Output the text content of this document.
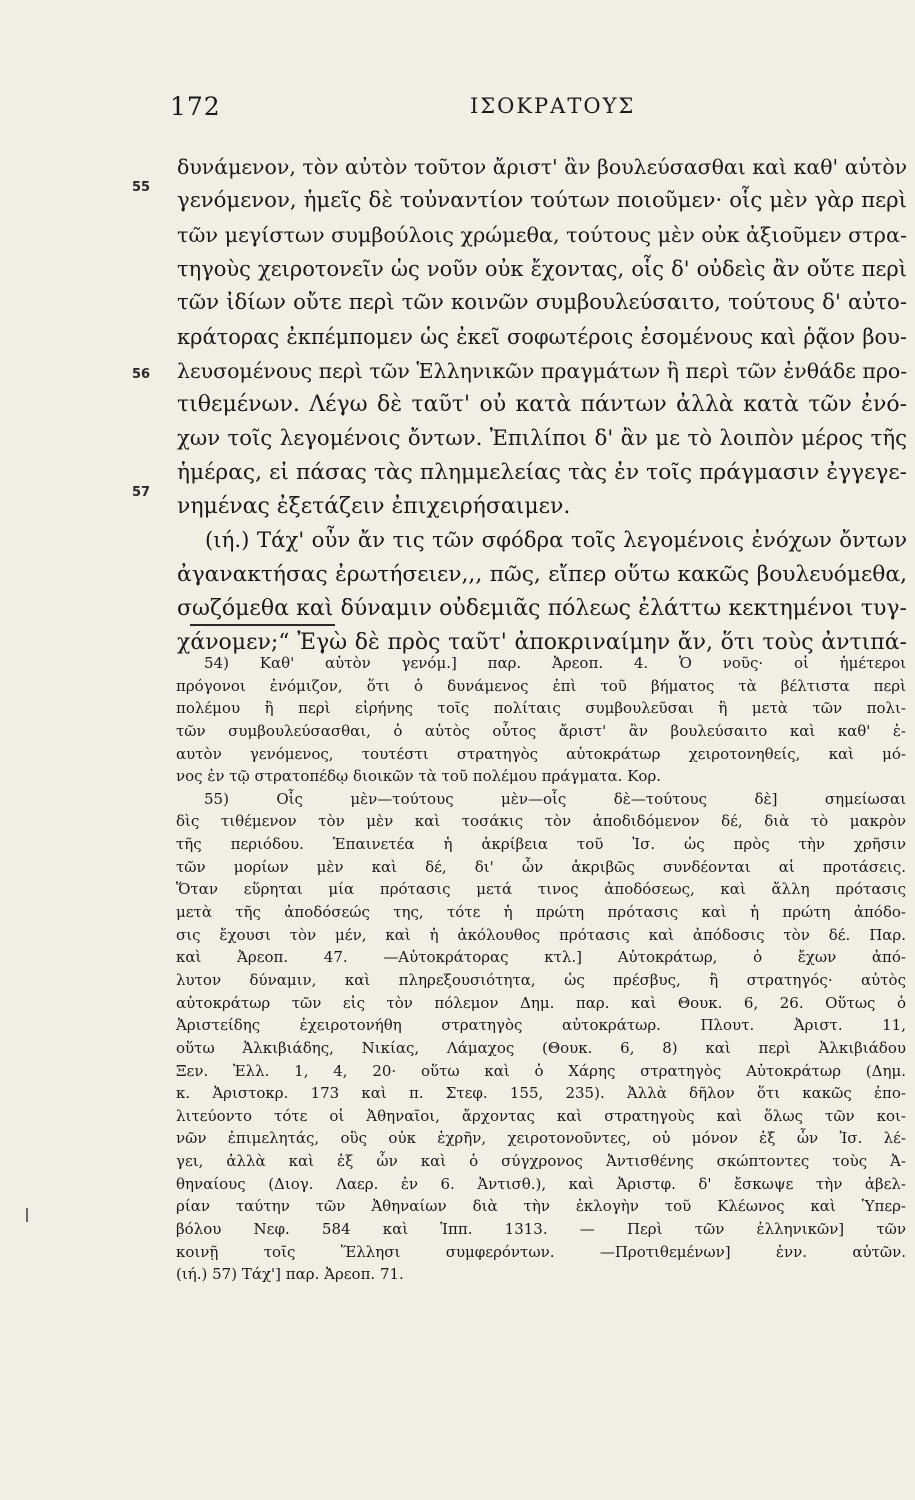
172	ΙΣΟΚΡΑΤΟΥΣ
55
56
57
δυνάμενον, τὸν αὐτὸν τοῦτον ἄριστ' ἂν βουλεύσασθαι καὶ καθ' αὑτὸν
γενόμενον, ἡμεῖς δὲ τοὐναντίον τούτων ποιοῦμεν· οἷς μὲν γὰρ περὶ
τῶν μεγίστων συμβούλοις χρώμεθα, τούτους μὲν οὐκ ἀξιοῦμεν στρα-
τηγοὺς χειροτονεῖν ὡς νοῦν οὐκ ἔχοντας, οἷς δ' οὐδεὶς ἂν οὔτε περὶ
τῶν ἰδίων οὔτε περὶ τῶν κοινῶν συμβουλεύσαιτο, τούτους δ' αὐτο-
κράτορας ἐκπέμπομεν ὡς ἐκεῖ σοφωτέροις ἐσομένους καὶ ῥᾷον βου-
λευσομένους περὶ τῶν Ἑλληνικῶν πραγμάτων ἢ περὶ τῶν ἐνθάδε προ-
τιθεμένων. Λέγω δὲ ταῦτ' οὐ κατὰ πάντων ἀλλὰ κατὰ τῶν ἐνό-
χων τοῖς λεγομένοις ὄντων. Ἐπιλίποι δ' ἂν με τὸ λοιπὸν μέρος τῆς
ἡμέρας, εἰ πάσας τὰς πλημμελείας τὰς ἐν τοῖς πράγμασιν ἐγγεγε-
νημένας ἐξετάζειν ἐπιχειρήσαιμεν.
(ιή.) Τάχ' οὖν ἄν τις τῶν σφόδρα τοῖς λεγομένοις ἐνόχων ὄντων
ἀγανακτήσας ἐρωτήσειεν,,, πῶς, εἴπερ οὕτω κακῶς βουλευόμεθα,
σωζόμεθα καὶ δύναμιν οὐδεμιᾶς πόλεως ἐλάττω κεκτημένοι τυγ-
χάνομεν;“ Ἐγὼ δὲ πρὸς ταῦτ' ἀποκριναίμην ἄν, ὅτι τοὺς ἀντιπά-
54) Καθ' αὑτὸν γενόμ.] παρ. Ἀρεοπ. 4. Ὁ νοῦς· οἱ ἡμέτεροι
πρόγονοι ἐνόμιζον, ὅτι ὁ δυνάμενος ἐπὶ τοῦ βήματος τὰ βέλτιστα περὶ
πολέμου ἢ περὶ εἰρήνης τοῖς πολίταις συμβουλεῦσαι ἢ μετὰ τῶν πολι-
τῶν συμβουλεύσασθαι, ὁ αὐτὸς οὗτος ἄριστ' ἂν βουλεύσαιτο καὶ καθ' ἑ-
αυτὸν γενόμενος, τουτέστι στρατηγὸς αὐτοκράτωρ χειροτονηθείς, καὶ μό-
νος ἐν τῷ στρατοπέδῳ διοικῶν τὰ τοῦ πολέμου πράγματα. Κορ.
55) Οἷς μὲν—τούτους μὲν—οἷς δὲ—τούτους δὲ] σημείωσαι
δὶς τιθέμενον τὸν μὲν καὶ τοσάκις τὸν ἀποδιδόμενον δέ, διὰ τὸ μακρὸν
τῆς περιόδου. Ἐπαινετέα ἡ ἀκρίβεια τοῦ Ἰσ. ὡς πρὸς τὴν χρῆσιν
τῶν μορίων μὲν καὶ δέ, δι' ὧν ἀκριβῶς συνδέονται αἱ προτάσεις.
Ὅταν εὕρηται μία πρότασις μετά τινος ἀποδόσεως, καὶ ἄλλη πρότασις
μετὰ τῆς ἀποδόσεώς της, τότε ἡ πρώτη πρότασις καὶ ἡ πρώτη ἀπόδο-
σις ἔχουσι τὸν μέν, καὶ ἡ ἀκόλουθος πρότασις καὶ ἀπόδοσις τὸν δέ. Παρ.
καὶ Ἀρεοπ. 47. —Αὐτοκράτορας κτλ.] Αὐτοκράτωρ, ὁ ἔχων ἀπό-
λυτον δύναμιν, καὶ πληρεξουσιότητα, ὡς πρέσβυς, ἢ στρατηγός· αὐτὸς
αὐτοκράτωρ τῶν εἰς τὸν πόλεμον Δημ. παρ. καὶ Θουκ. 6, 26. Οὕτως ὁ
Ἀριστείδης ἐχειροτονήθη στρατηγὸς αὐτοκράτωρ. Πλουτ. Ἀριστ. 11,
οὕτω Ἀλκιβιάδης, Νικίας, Λάμαχος (Θουκ. 6, 8) καὶ περὶ Ἀλκιβιάδου
Ξεν. Ἑλλ. 1, 4, 20· οὕτω καὶ ὁ Χάρης στρατηγὸς Αὐτοκράτωρ (Δημ.
κ. Ἀριστοκρ. 173 καὶ π. Στεφ. 155, 235). Ἀλλὰ δῆλον ὅτι κακῶς ἐπο-
λιτεύοντο τότε οἱ Ἀθηναῖοι, ἄρχοντας καὶ στρατηγοὺς καὶ ὅλως τῶν κοι-
νῶν ἐπιμελητάς, οὓς οὐκ ἐχρῆν, χειροτονοῦντες, οὐ μόνον ἐξ ὧν Ἰσ. λέ-
γει, ἀλλὰ καὶ ἐξ ὧν καὶ ὁ σύγχρονος Ἀντισθένης σκώπτοντες τοὺς Ἀ-
θηναίους (Διογ. Λαερ. ἐν 6. Ἀντισθ.), καὶ Ἀριστφ. δ' ἔσκωψε τὴν ἀβελ-
ρίαν ταύτην τῶν Ἀθηναίων διὰ τὴν ἐκλογὴν τοῦ Κλέωνος καὶ Ὑπερ-
βόλου Νεφ. 584 καὶ Ἱππ. 1313. — Περὶ τῶν ἑλληνικῶν] τῶν
κοινῇ τοῖς Ἕλλησι συμφερόντων. —Προτιθεμένων] ἐνν. αὐτῶν.
(ιή.) 57) Τάχ'] παρ. Ἀρεοπ. 71.
